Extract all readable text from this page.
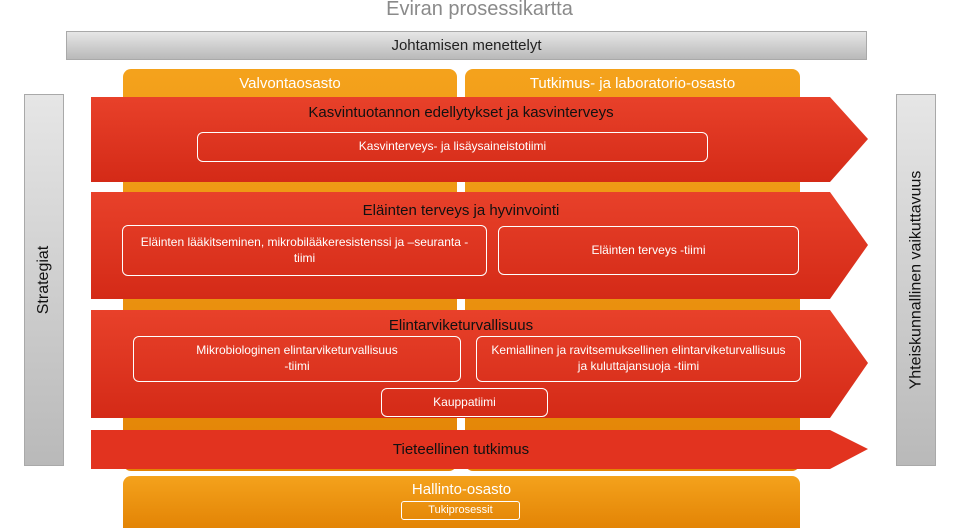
Eviran prosessikartta
Johtamisen menettelyt
Strategiat	Yhteiskunnallinen vaikuttavuus
Valvontaosasto	Tutkimus- ja laboratorio-osasto
Kasvintuotannon edellytykset ja kasvinterveys
Kasvinterveys- ja lisäysaineistotiimi
Eläinten terveys ja hyvinvointi
Eläinten lääkitseminen, mikrobilääkeresistenssi ja –seuranta -tiimi
Eläinten terveys -tiimi
Elintarviketurvallisuus
Mikrobiologinen elintarviketurvallisuus -tiimi
Kemiallinen ja ravitsemuksellinen elintarviketurvallisuus ja kuluttajansuoja -tiimi
Kauppatiimi
Tieteellinen tutkimus
Hallinto-osasto
Tukiprosessit
